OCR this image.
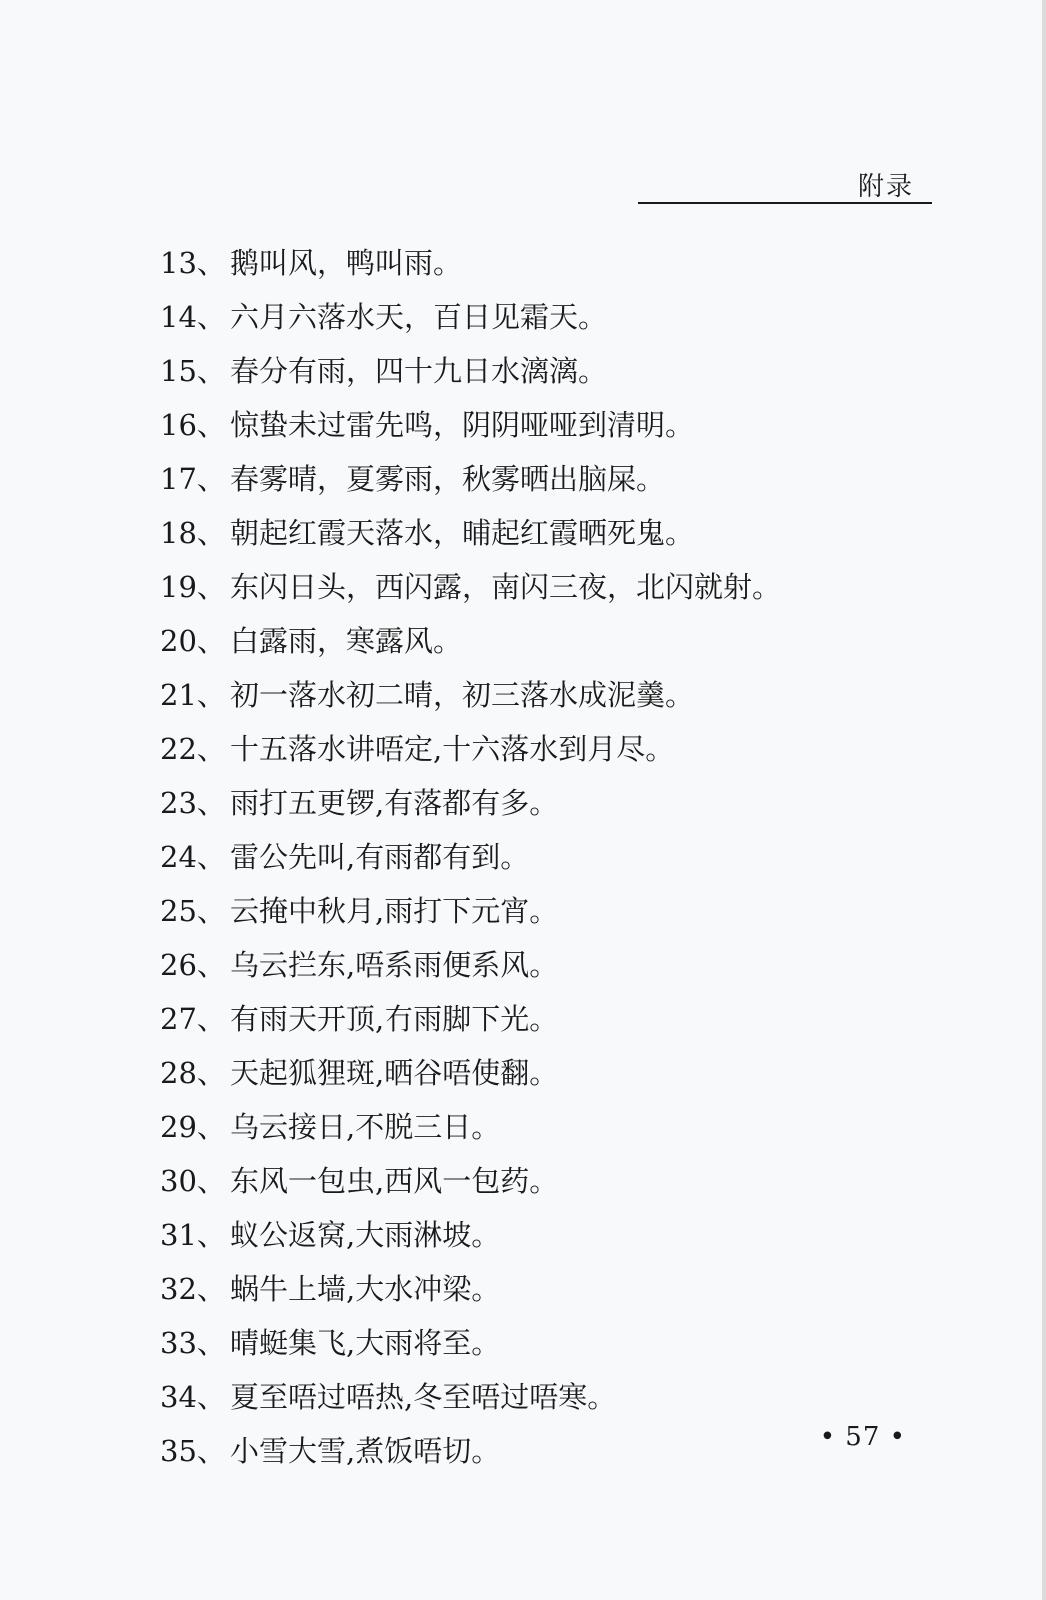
附录
13、 鹅叫风，鸭叫雨。
14、 六月六落水天，百日见霜天。
15、 春分有雨，四十九日水漓漓。
16、 惊蛰未过雷先鸣，阴阴哑哑到清明。
17、 春雾晴，夏雾雨，秋雾晒出脑屎。
18、 朝起红霞天落水，晡起红霞晒死鬼。
19、 东闪日头，西闪露，南闪三夜，北闪就射。
20、 白露雨，寒露风。
21、 初一落水初二晴，初三落水成泥羹。
22、 十五落水讲唔定,十六落水到月尽。
23、 雨打五更锣,有落都有多。
24、 雷公先叫,有雨都有到。
25、 云掩中秋月,雨打下元宵。
26、 乌云拦东,唔系雨便系风。
27、 有雨天开顶,冇雨脚下光。
28、 天起狐狸斑,晒谷唔使翻。
29、 乌云接日,不脱三日。
30、 东风一包虫,西风一包药。
31、 蚁公返窝,大雨淋坡。
32、 蜗牛上墙,大水冲梁。
33、 晴蜓集飞,大雨将至。
34、 夏至唔过唔热,冬至唔过唔寒。
35、 小雪大雪,煮饭唔切。	• 57 •
